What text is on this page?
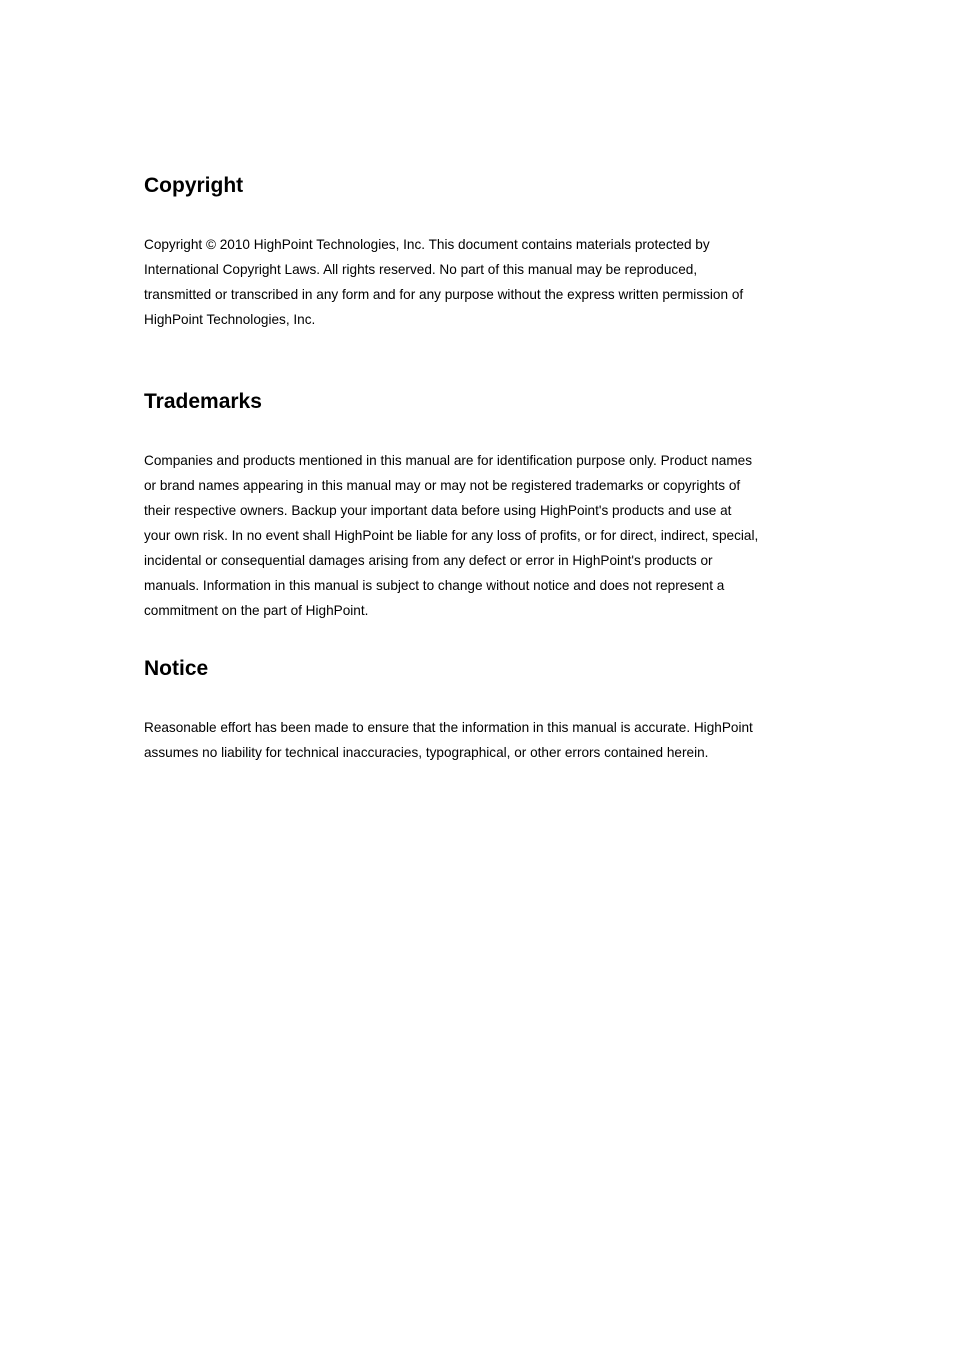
Copyright

Copyright © 2010 HighPoint Technologies, Inc. This document contains materials protected by
International Copyright Laws. All rights reserved. No part of this manual may be reproduced,
transmitted or transcribed in any form and for any purpose without the express written permission of
HighPoint Technologies, Inc.

Trademarks

Companies and products mentioned in this manual are for identification purpose only. Product names
or brand names appearing in this manual may or may not be registered trademarks or copyrights of
their respective owners. Backup your important data before using HighPoint's products and use at
your own risk. In no event shall HighPoint be liable for any loss of profits, or for direct, indirect, special,
incidental or consequential damages arising from any defect or error in HighPoint's products or
manuals. Information in this manual is subject to change without notice and does not represent a
commitment on the part of HighPoint.

Notice

Reasonable effort has been made to ensure that the information in this manual is accurate. HighPoint
assumes no liability for technical inaccuracies, typographical, or other errors contained herein.
